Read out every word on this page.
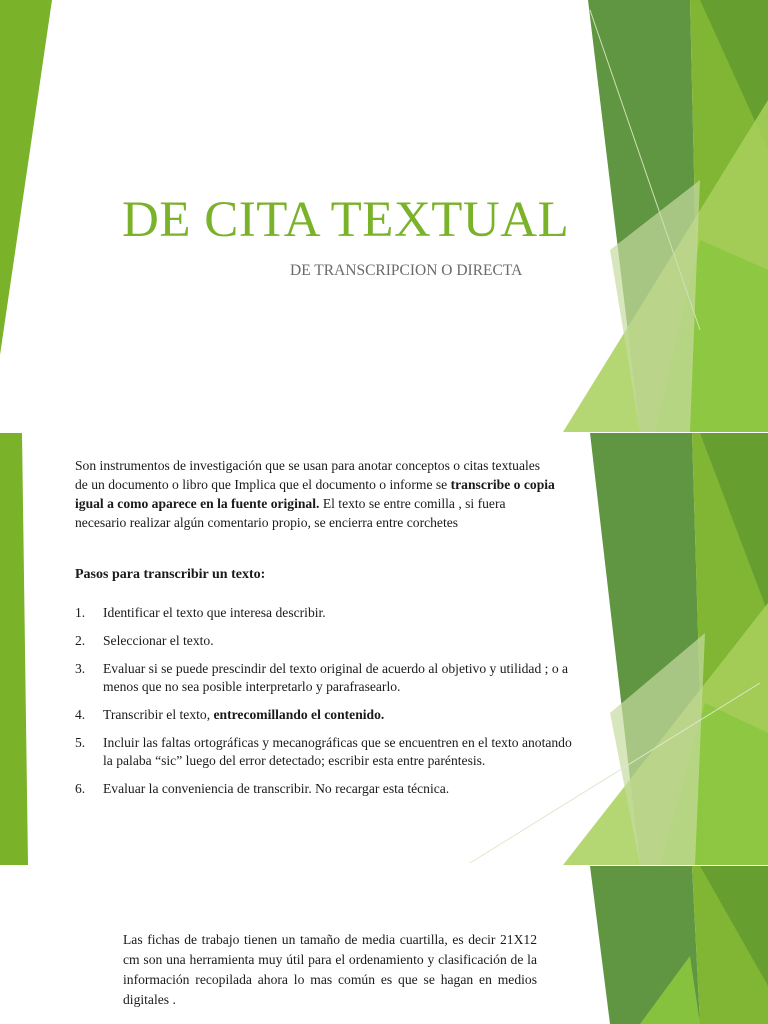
DE CITA TEXTUAL
DE TRANSCRIPCION O DIRECTA
Son instrumentos de investigación que se usan para anotar conceptos o citas textuales de un documento o libro que Implica que el documento o informe se transcribe o copia igual a como aparece en la fuente original. El texto se entre comilla , si fuera necesario realizar algún comentario propio, se encierra entre corchetes
Pasos para transcribir un texto:
1. Identificar el texto que interesa describir.
2. Seleccionar el texto.
3. Evaluar si se puede prescindir del texto original de acuerdo al objetivo y utilidad ; o a menos que no sea posible interpretarlo y parafrasearlo.
4. Transcribir el texto, entrecomillando el contenido.
5. Incluir las faltas ortográficas y mecanográficas que se encuentren en el texto anotando la palaba “sic” luego del error detectado; escribir esta entre paréntesis.
6. Evaluar la conveniencia de transcribir. No recargar esta técnica.
Las fichas de trabajo tienen un tamaño de media cuartilla, es decir 21X12 cm son una herramienta muy útil para el ordenamiento y clasificación de la información recopilada ahora lo mas común es que se hagan en medios digitales .
